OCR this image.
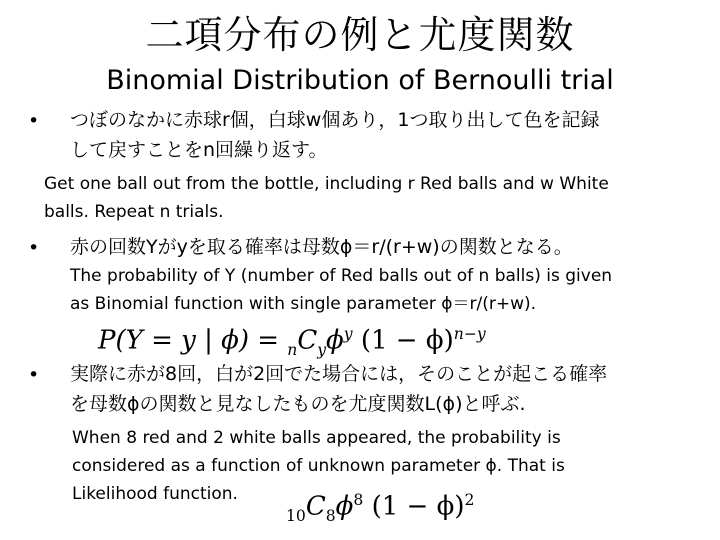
二項分布の例と尤度関数
Binomial Distribution of Bernoulli trial
• つぼのなかに赤球r個，白球w個あり，1つ取り出して色を記録
して戻すことをn回繰り返す。
Get one ball out from the bottle, including r Red balls and w White
balls. Repeat n trials.
• 赤の回数Yがyを取る確率は母数ϕ＝r/(r+w)の関数となる。
The probability of Y (number of Red balls out of n balls) is given
as Binomial function with single parameter ϕ＝r/(r+w).
P(Y = y | $\phi) = _nC_y\phi^y$ $(1 - \phi)^{n-y}$
• 実際に赤が8回，白が2回でた場合には，そのことが起こる確率
を母数ϕの関数と見なしたものを尤度関数L(ϕ)と呼ぶ.
When 8 red and 2 white balls appeared, the probability is
considered as a function of unknown parameter ϕ. That is
Likelihood function.
$_{10}C_8\phi^8$ $(1 - \phi)^2$
